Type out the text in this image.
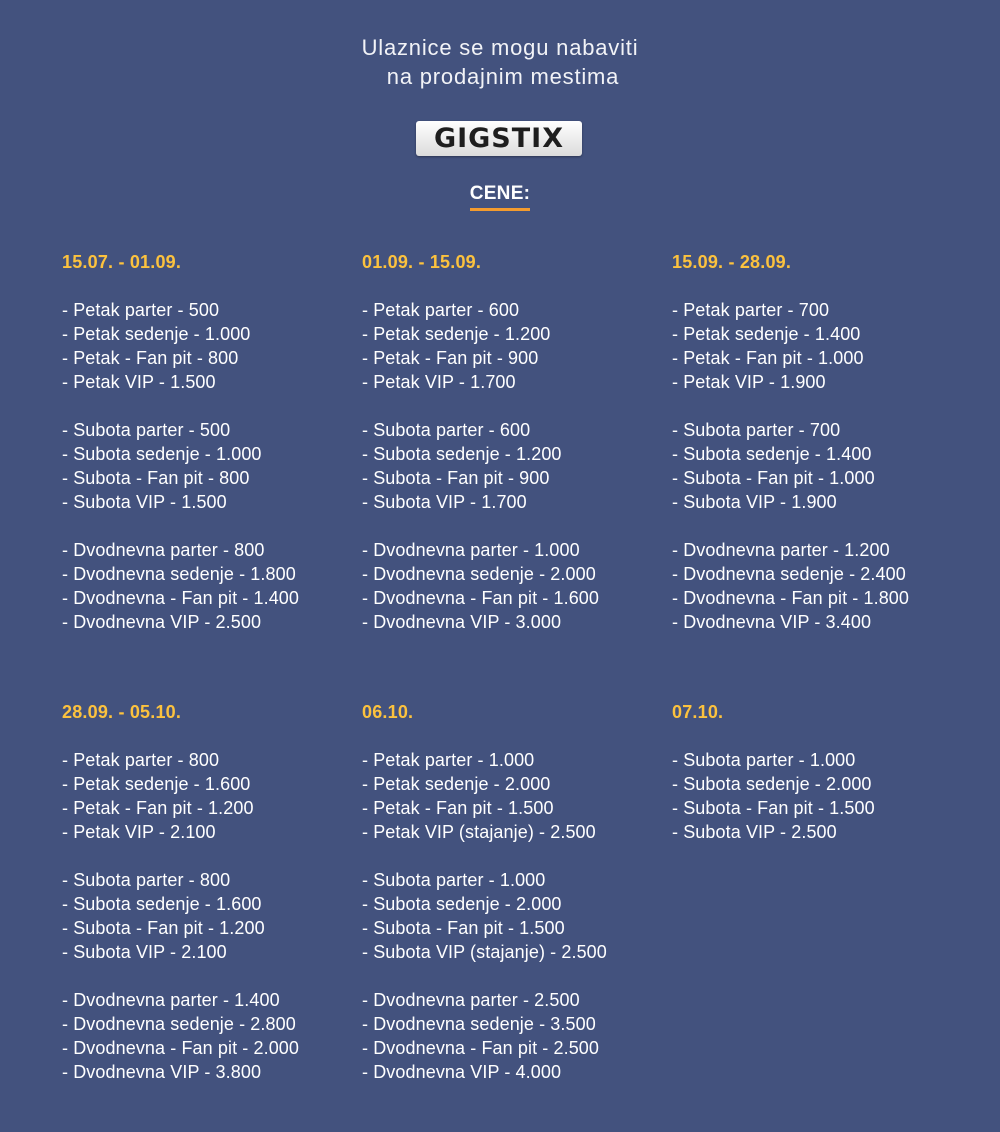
Ulaznice se mogu nabaviti
na prodajnim mestima
GIGSTIX
CENE:
15.07. - 01.09.
- Petak parter - 500
- Petak sedenje - 1.000
- Petak - Fan pit - 800
- Petak VIP - 1.500
- Subota parter - 500
- Subota sedenje - 1.000
- Subota - Fan pit - 800
- Subota VIP - 1.500
- Dvodnevna parter - 800
- Dvodnevna sedenje - 1.800
- Dvodnevna - Fan pit - 1.400
- Dvodnevna VIP - 2.500
01.09. - 15.09.
- Petak parter - 600
- Petak sedenje - 1.200
- Petak - Fan pit - 900
- Petak VIP - 1.700
- Subota parter - 600
- Subota sedenje - 1.200
- Subota - Fan pit - 900
- Subota VIP - 1.700
- Dvodnevna parter - 1.000
- Dvodnevna sedenje - 2.000
- Dvodnevna - Fan pit - 1.600
- Dvodnevna VIP - 3.000
15.09. - 28.09.
- Petak parter - 700
- Petak sedenje - 1.400
- Petak - Fan pit - 1.000
- Petak VIP - 1.900
- Subota parter - 700
- Subota sedenje - 1.400
- Subota - Fan pit - 1.000
- Subota VIP - 1.900
- Dvodnevna parter - 1.200
- Dvodnevna sedenje - 2.400
- Dvodnevna - Fan pit - 1.800
- Dvodnevna VIP - 3.400
28.09. - 05.10.
- Petak parter - 800
- Petak sedenje - 1.600
- Petak - Fan pit - 1.200
- Petak VIP - 2.100
- Subota parter - 800
- Subota sedenje - 1.600
- Subota - Fan pit - 1.200
- Subota VIP - 2.100
- Dvodnevna parter - 1.400
- Dvodnevna sedenje - 2.800
- Dvodnevna - Fan pit - 2.000
- Dvodnevna VIP - 3.800
06.10.
- Petak parter - 1.000
- Petak sedenje - 2.000
- Petak - Fan pit - 1.500
- Petak VIP (stajanje) - 2.500
- Subota parter - 1.000
- Subota sedenje - 2.000
- Subota - Fan pit - 1.500
- Subota VIP (stajanje) - 2.500
- Dvodnevna parter - 2.500
- Dvodnevna sedenje - 3.500
- Dvodnevna - Fan pit - 2.500
- Dvodnevna VIP - 4.000
07.10.
- Subota parter - 1.000
- Subota sedenje - 2.000
- Subota - Fan pit - 1.500
- Subota VIP - 2.500
